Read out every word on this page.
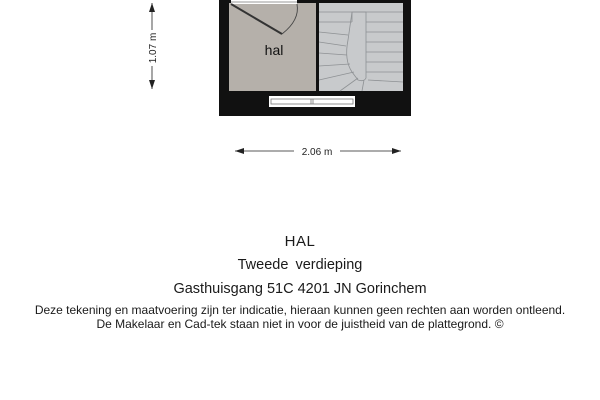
hal
1.07 m
2.06 m
HAL
Tweede verdieping
Gasthuisgang 51C 4201 JN Gorinchem
Deze tekening en maatvoering zijn ter indicatie, hieraan kunnen geen rechten aan worden ontleend.
De Makelaar en Cad-tek staan niet in voor de juistheid van de plattegrond. ©
